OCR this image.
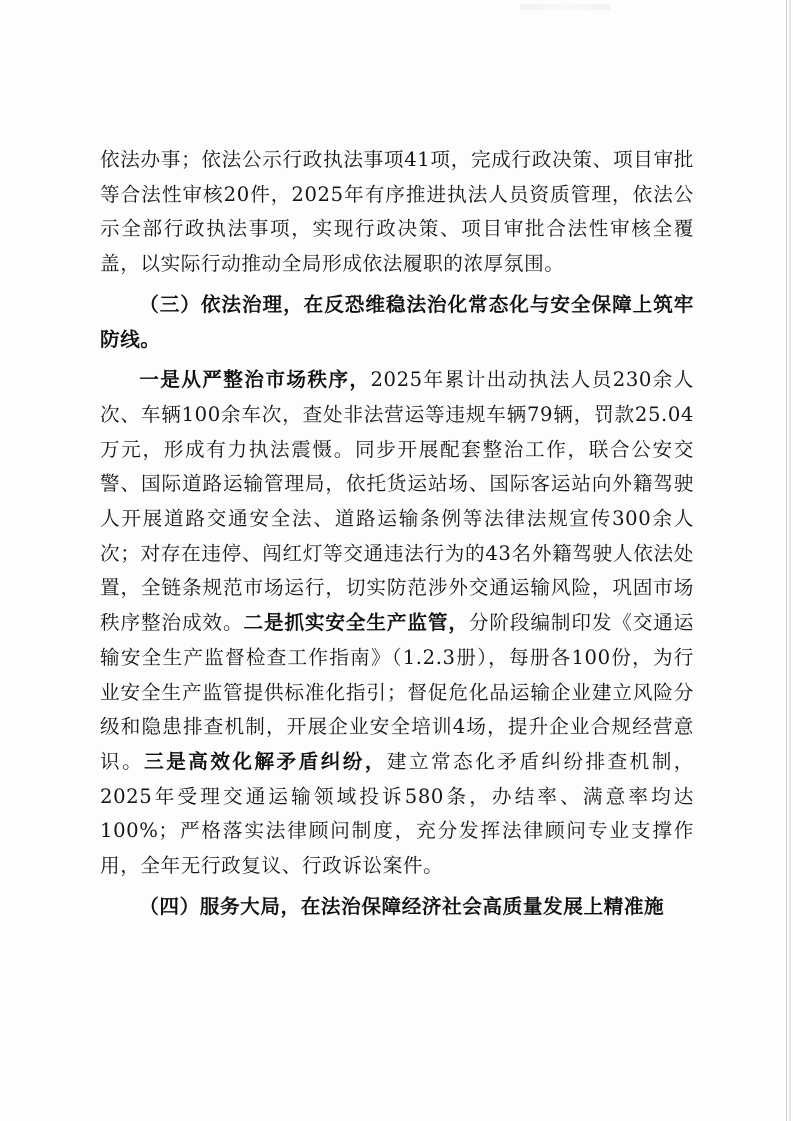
依法办事；依法公示行政执法事项41项，完成行政决策、项目审批等合法性审核20件，2025年有序推进执法人员资质管理，依法公示全部行政执法事项，实现行政决策、项目审批合法性审核全覆盖，以实际行动推动全局形成依法履职的浓厚氛围。

（三）依法治理，在反恐维稳法治化常态化与安全保障上筑牢防线。

一是从严整治市场秩序，2025年累计出动执法人员230余人次、车辆100余车次，查处非法营运等违规车辆79辆，罚款25.04万元，形成有力执法震慑。同步开展配套整治工作，联合公安交警、国际道路运输管理局，依托货运站场、国际客运站向外籍驾驶人开展道路交通安全法、道路运输条例等法律法规宣传300余人次；对存在违停、闯红灯等交通违法行为的43名外籍驾驶人依法处置，全链条规范市场运行，切实防范涉外交通运输风险，巩固市场秩序整治成效。二是抓实安全生产监管，分阶段编制印发《交通运输安全生产监督检查工作指南》（1.2.3册），每册各100份，为行业安全生产监管提供标准化指引；督促危化品运输企业建立风险分级和隐患排查机制，开展企业安全培训4场，提升企业合规经营意识。三是高效化解矛盾纠纷，建立常态化矛盾纠纷排查机制，2025年受理交通运输领域投诉580条，办结率、满意率均达100%；严格落实法律顾问制度，充分发挥法律顾问专业支撑作用，全年无行政复议、行政诉讼案件。

（四）服务大局，在法治保障经济社会高质量发展上精准施
